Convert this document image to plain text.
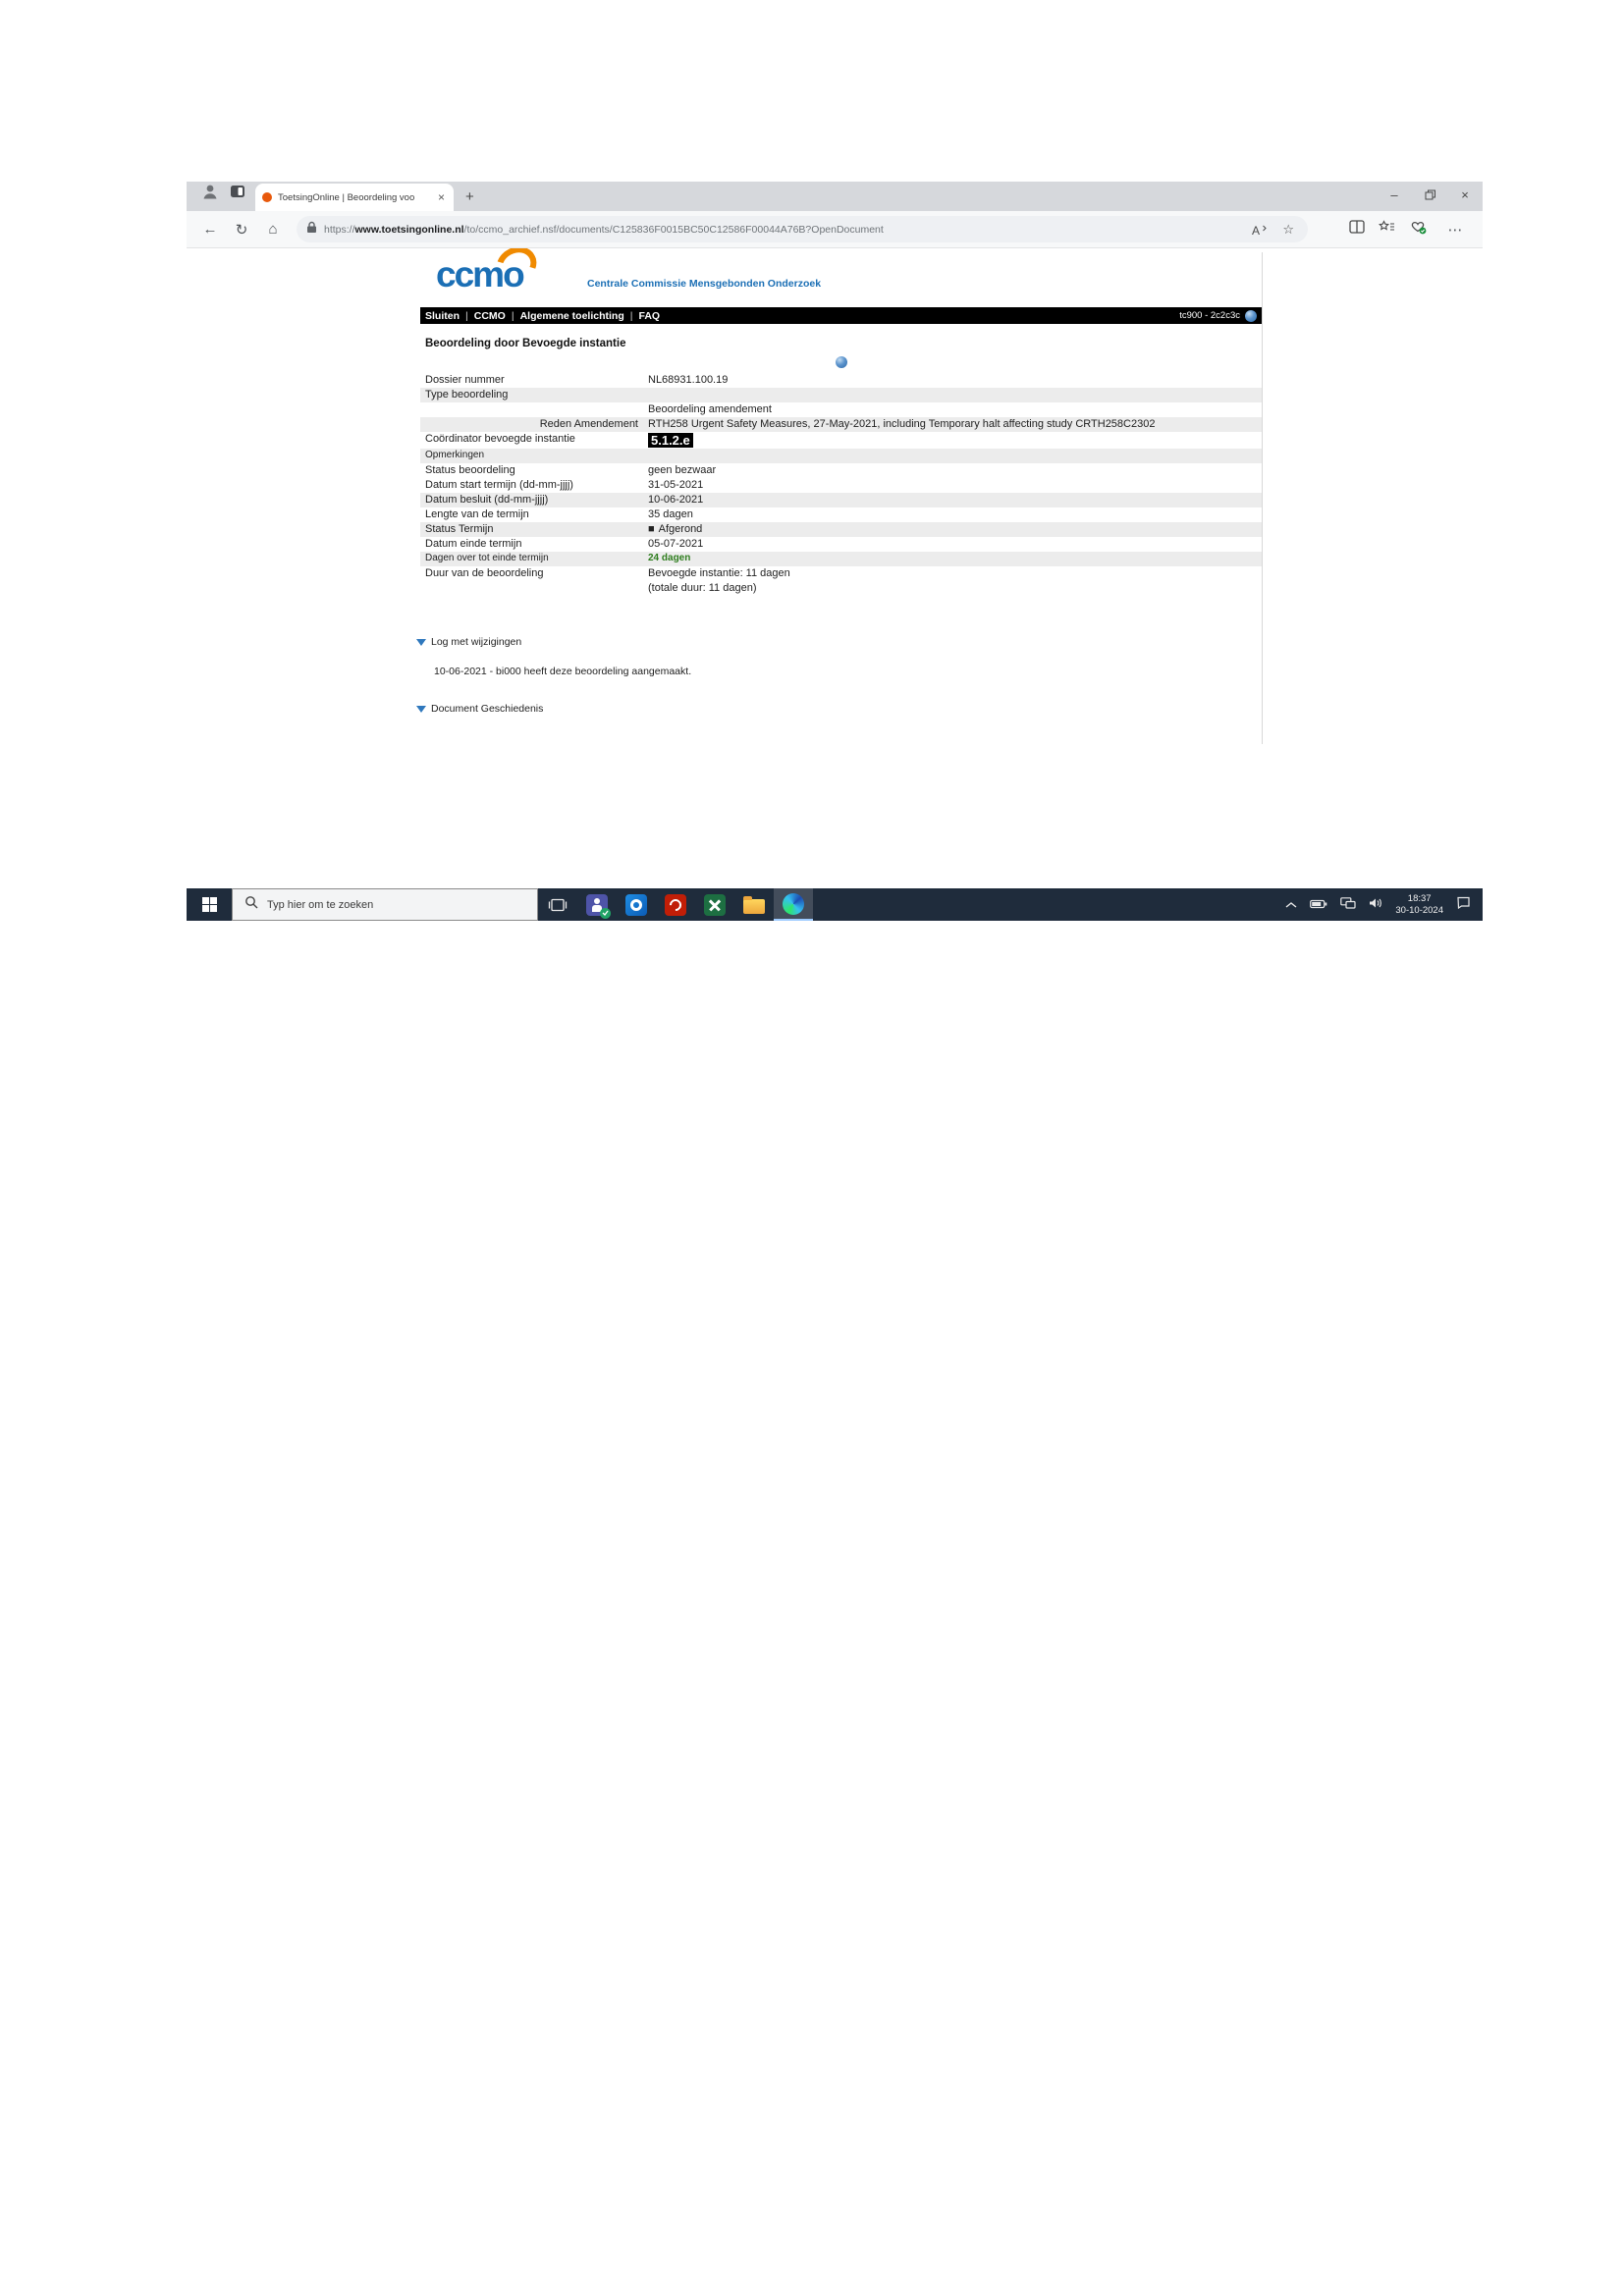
ToetsingOnline | Beoordeling voo	× +	–	×
←	↻	⌂	https://www.toetsingonline.nl/to/ccmo_archief.nsf/documents/C125836F0015BC50C12586F00044A76B?OpenDocument	A	☆	⋯
ccmo	Centrale Commissie Mensgebonden Onderzoek
Sluiten | CCMO | Algemene toelichting | FAQ	tc900 - 2c2c3c
Beoordeling door Bevoegde instantie
Dossier nummer	NL68931.100.19
Type beoordeling
Beoordeling amendement
Reden Amendement RTH258 Urgent Safety Measures, 27-May-2021, including Temporary halt affecting study CRTH258C2302
Coördinator bevoegde instantie	5.1.2.e
Opmerkingen
Status beoordeling	geen bezwaar
Datum start termijn (dd-mm-jjjj)	31-05-2021
Datum besluit (dd-mm-jjjj)	10-06-2021
Lengte van de termijn	35 dagen
Status Termijn	■ Afgerond
Datum einde termijn	05-07-2021
Dagen over tot einde termijn	24 dagen
Duur van de beoordeling	Bevoegde instantie: 11 dagen
(totale duur: 11 dagen)
Log met wijzigingen
10-06-2021 - bi000 heeft deze beoordeling aangemaakt.
Document Geschiedenis
Typ hier om te zoeken
18:37
30-10-2024
